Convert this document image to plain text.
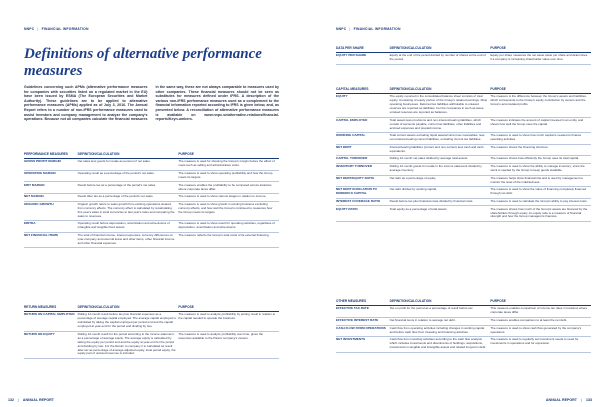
NNPC | FINANCIAL INFORMATION
Definitions of alternative performance measures

Guidelines concerning such APMs (alternative performance measures for companies with securities listed on a regulated market in the EU) have been issued by ESMA (The European Securities and Market Authority). These guidelines are to be applied to alternative performance measures (APMs) applied as of July 3, 2016. The Annual Report refers to a number of non-IFRS performance measures used to assist investors and company management to analyze the company's operations. Because not all companies calculate the financial measures in the same way, these are not always comparable to measures used by other companies. These financial measures should not be seen as substitutes for measures defined under IFRS. A description of the various non-IFRS performance measures used as a complement to the financial information reported according to IFRS is given below, and, as presented below. A reconciliation of alternative performance measures is available on www.nnpc.se/alternative-relations/financial-reports/Keyn-umbers.

PERFORMANCE MEASURES	DEFINITION/CALCULATION	PURPOSE
GROSS PROFIT MARGIN	Net sales less goods for resale as percent of net sales.	The measure is used for showing the Group's margin before the effect of costs such as selling and administrative costs.
OPERATING MARGIN	Operating result as a percentage of the period's net sales.	The measure is used to show operating profitability and how the Group meets its targets.
EBIT MARGIN	Result before tax as a percentage of the period's net sales.	The measure enables the profitability to be compared across locations where corporate taxes differ.
NET MARGIN	Result after tax as a percentage of the period's net sales.	The measure is used to show various stages in relation to income.
ORGANIC GROWTH	Organic growth refers to sales growth from existing operations cleared from currency effects. The currency effect is calculated by recalculating this year's sales in local currencies to last year's rates and comparing the sales to revenues.	The measure is used to show growth in existing business excluding currency effects, and how well the Group's continued to measures how the Group meets its targets.
EBITDA	Operating result before depreciation, amortization and write-downs of intangible and tangible fixed assets.	The measure is used to show result for operating activities, regardless of depreciation, amortization and write-downs.
NET FINANCIAL ITEMS	The total of financial income, interest expenses, currency differences on inter-company and external loans and other items, other financial income and other financial expenses.	The measure reflects the Group's total costs of its external financing.
RETURN MEASURES	DEFINITION/CALCULATION	PURPOSE
RETURN ON CAPITAL EMPLOYED	Rolling 12-month result before tax plus financial expenses as a percentage of average capital employed. The average capital employed is calculated by taking the capital employed per period end and the capital employed at year-end for the period and dividing by two.	The measure is used to analyze profitability by putting result in relation to the capital needed to operate the business.
RETURN ON EQUITY	Rolling 12-month result for the period according to the income statement as a percentage of average equity. The average equity is calculated by taking the equity per period end and the equity at year-end for the period and dividing by two. For the Return to company it is calculated as result after tax as percentage of average adjusted equity, local period equity, the equity part of untaxed reserves is included.	The measure is used to analyze profitability over time, given the resources available to the Parent company's owners.
132 | ANNUAL REPORT
NNPC | FINANCIAL INFORMATION
ANNUAL REPORT | 133
DATA PER SHARE	DEFINITION/CALCULATION	PURPOSE
EQUITY PER SHARE	Equity at the end of the period divided by number of shares at the end of the period.	Equity per share measures the net asset value per share and determines if a company is increasing shareholder value over time.
CAPITAL MEASURES	DEFINITION/CALCULATION	PURPOSE
EQUITY	The equity reported in the consolidated balance sheet consists of total equity. Consisting of equity portion of the Group's retained earnings. Most operating businesses. Deferred tax liabilities attributable to untaxed reserves are reported as liabilities. For the companies in such as taxes, untaxed reserves are reported as balances.	The measure is the difference between the Group's assets and liabilities, which corresponds to the Group's equity contribution by owners and the Group's accumulated profits.
CAPITAL EMPLOYED	Total assets less provisions and non-interest-bearing liabilities, which consist of accounts payable, current tax liabilities, other liabilities and accrued expenses and prepaid income.	The measure indicates the amount of capital invested in an entity, and shows how well the Group uses the capital.
WORKING CAPITAL	Total current assets excluding liquid assets/current tax receivables, less non-interest-bearing current liabilities, excluding current tax liabilities.	The measure is used to show how much capital is needed to finance operating activities.
NET DEBT	Interest-bearing liabilities (current and non-current) less cash and cash equivalents.	The measure shows the financing structure.
CAPITAL TURNOVER	Rolling 12-month net sales divided by average total assets.	The measure shows how efficiently the Group uses its total capital.
INVENTORY TURNOVER	Rolling 12-month goods for resale in the income statement divided by average inventory.	The measure is used to show the ability to manage inventory; since the stock is needed by the Group to keep goods available.
NET DEBT/EQUITY RATIO	Net debt as a percentage of equity.	The measure helps show financial risk and is used by management to monitor the level of the indebtedness.
NET DEBT IN RELATION TO MODERN D CAPITAL	Net debt divided by working capital.	The measure is used to show the value of financing completely financed through net debt.
INTEREST COVERAGE RATIO	Result before tax plus financial costs divided by financial costs.	The measure is used to calculate the Group's ability to pay interest costs.
EQUITY RATIO	Total equity as a percentage of total assets.	The measure shows how much of the Group's assets are financed by the shareholders through equity. An equity ratio is a measure of financial strength and how the Group manages its finances.
OTHER MEASURES	DEFINITION/CALCULATION	PURPOSE
EFFECTIVE TAX RATE	Tax on profit for the period as a percentage of result before tax.	This measure enables comparison of income tax rates in locations where corporate taxes differ.
EFFECTIVE INTEREST RATE	Net financial items in relation to average net debt.	The measure enables comparison to at least the net debt.
CASH FLOW FROM OPERATIONS	Cash flow from operating activities including changes in working capital and before cash flow from investing and financing activities.	The measure is used to show cash flow generated by the company's operations.
NET INVESTMENTS	Cash flow from investing activities according to the cash flow analysis which includes investments and divestments of buildings, acquisitions, investments in tangible and intangible assets and related long-term debt.	The measure is used to regularly set investment needs to need for investments in operations and for expansion.
